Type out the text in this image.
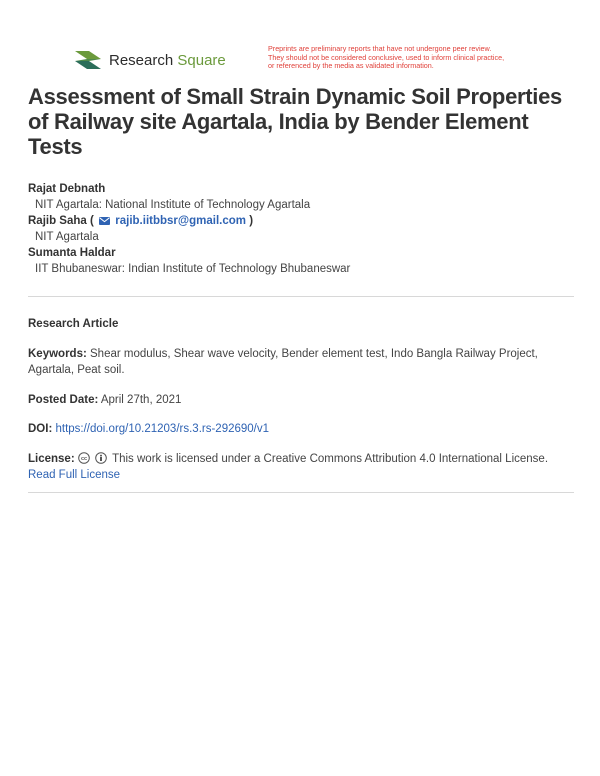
Research Square
Preprints are preliminary reports that have not undergone peer review.
They should not be considered conclusive, used to inform clinical practice,
or referenced by the media as validated information.
Assessment of Small Strain Dynamic Soil Properties of Railway site Agartala, India by Bender Element Tests
Rajat Debnath
NIT Agartala: National Institute of Technology Agartala
Rajib Saha ( rajib.iitbbsr@gmail.com )
NIT Agartala
Sumanta Haldar
IIT Bhubaneswar: Indian Institute of Technology Bhubaneswar
Research Article
Keywords: Shear modulus, Shear wave velocity, Bender element test, Indo Bangla Railway Project, Agartala, Peat soil.
Posted Date: April 27th, 2021
DOI: https://doi.org/10.21203/rs.3.rs-292690/v1
License: cc This work is licensed under a Creative Commons Attribution 4.0 International License.
Read Full License
